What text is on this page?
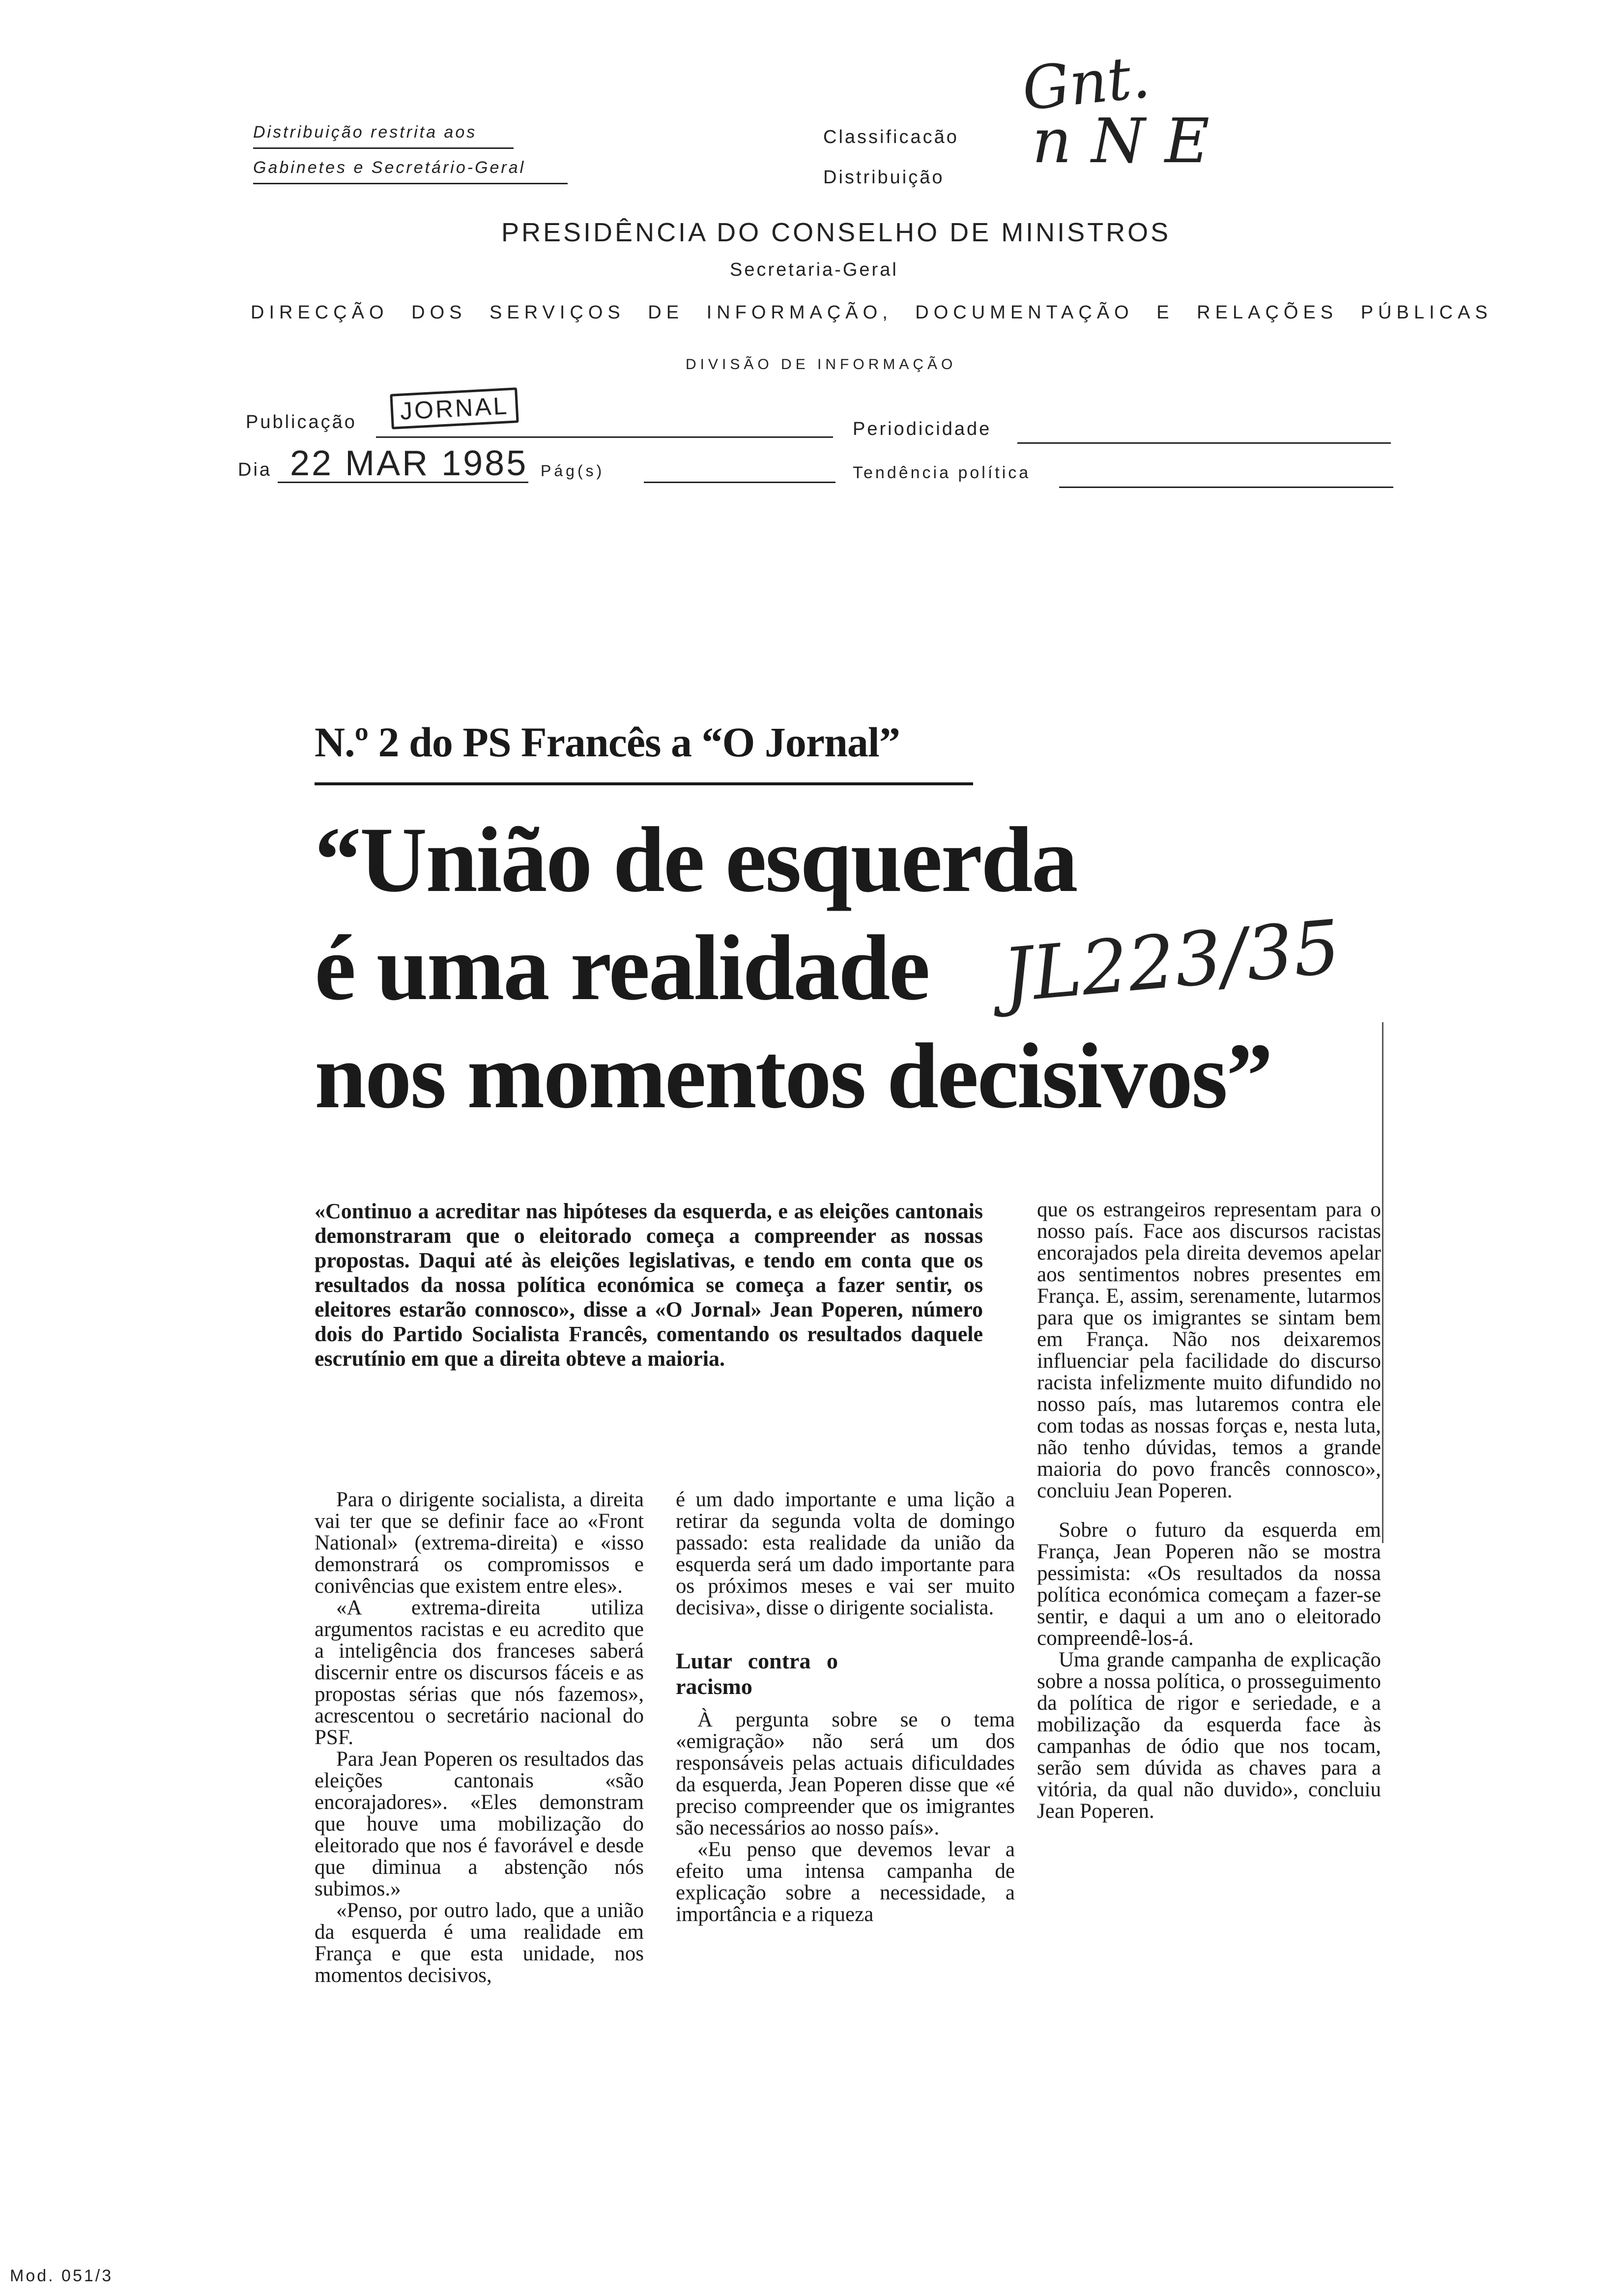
Distribuição restrita aos
Gabinetes e Secretário-Geral
Classificacão
Distribuição
Gnt.
nNE
PRESIDÊNCIA DO CONSELHO DE MINISTROS
Secretaria-Geral
DIRECÇÃO DOS SERVIÇOS DE INFORMAÇÃO, DOCUMENTAÇÃO E RELAÇÕES PÚBLICAS
DIVISÃO DE INFORMAÇÃO
Publicação	JORNAL
Periodicidade
Dia 22 MAR 1985 Pág(s)	Tendência política
N.º 2 do PS Francês a “O Jornal”
“União de esquerda
é uma realidade
nos momentos decisivos”
JL223/35

«Continuo a acreditar nas hipóteses da esquerda, e as eleições cantonais demonstraram que o eleitorado começa a compreender as nossas propostas. Daqui até às eleições legislativas, e tendo em conta que os resultados da nossa política económica se começa a fazer sentir, os eleitores estarão connosco», disse a «O Jornal» Jean Poperen, número dois do Partido Socialista Francês, comentando os resultados daquele escrutínio em que a direita obteve a maioria.

Para o dirigente socialista, a direita vai ter que se definir face ao «Front National» (extrema-direita) e «isso demonstrará os compromissos e conivências que existem entre eles».

«A extrema-direita utiliza argumentos racistas e eu acredito que a inteligência dos franceses saberá discernir entre os discursos fáceis e as propostas sérias que nós fazemos», acrescentou o secretário nacional do PSF.

Para Jean Poperen os resultados das eleições cantonais «são encorajadores». «Eles demonstram que houve uma mobilização do eleitorado que nos é favorável e desde que diminua a abstenção nós subimos.»

«Penso, por outro lado, que a união da esquerda é uma realidade em França e que esta unidade, nos momentos decisivos,

é um dado importante e uma lição a retirar da segunda volta de domingo passado: esta realidade da união da esquerda será um dado importante para os próximos meses e vai ser muito decisiva», disse o dirigente socialista.

Lutar contra o racismo

À pergunta sobre se o tema «emigração» não será um dos responsáveis pelas actuais dificuldades da esquerda, Jean Poperen disse que «é preciso compreender que os imigrantes são necessários ao nosso país».

«Eu penso que devemos levar a efeito uma intensa campanha de explicação sobre a necessidade, a importância e a riqueza

que os estrangeiros representam para o nosso país. Face aos discursos racistas encorajados pela direita devemos apelar aos sentimentos nobres presentes em França. E, assim, serenamente, lutarmos para que os imigrantes se sintam bem em França. Não nos deixaremos influenciar pela facilidade do discurso racista infelizmente muito difundido no nosso país, mas lutaremos contra ele com todas as nossas forças e, nesta luta, não tenho dúvidas, temos a grande maioria do povo francês connosco», concluiu Jean Poperen.

Sobre o futuro da esquerda em França, Jean Poperen não se mostra pessimista: «Os resultados da nossa política económica começam a fazer-se sentir, e daqui a um ano o eleitorado compreendê-los-á.

Uma grande campanha de explicação sobre a nossa política, o prosseguimento da política de rigor e seriedade, e a mobilização da esquerda face às campanhas de ódio que nos tocam, serão sem dúvida as chaves para a vitória, da qual não duvido», concluiu Jean Poperen.

Mod. 051/3
